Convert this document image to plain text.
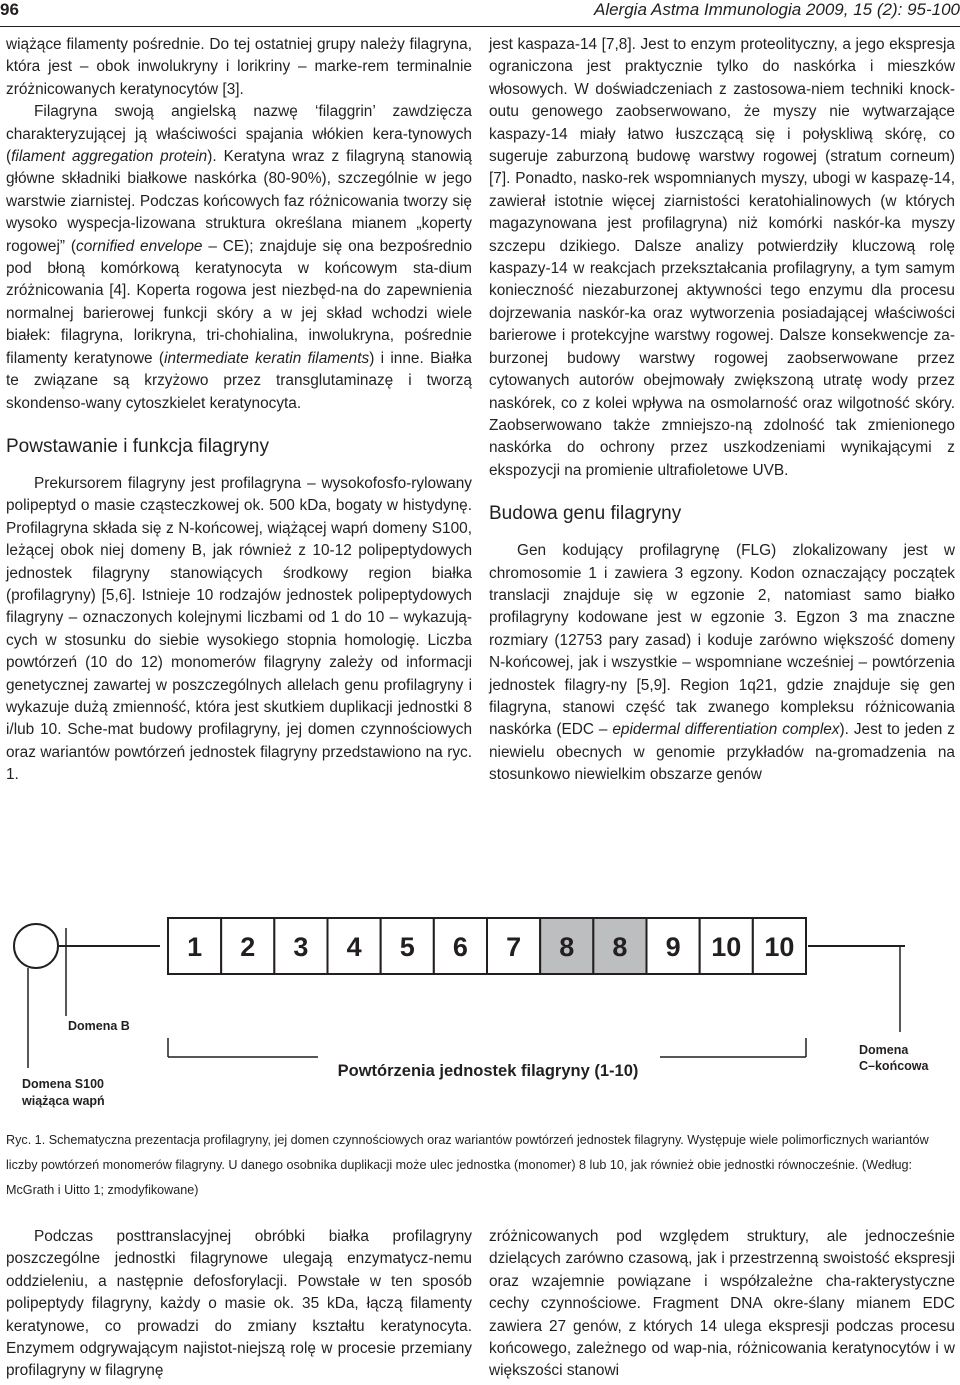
96	Alergia Astma Immunologia 2009, 15 (2): 95-100

wiążące filamenty pośrednie. Do tej ostatniej grupy należy filagryna, która jest – obok inwolukryny i lorikriny – marke-rem terminalnie zróżnicowanych keratynocytów [3].

Filagryna swoją angielską nazwę ‘filaggrin’ zawdzięcza charakteryzującej ją właściwości spajania włókien kera-tynowych (filament aggregation protein). Keratyna wraz z filagryną stanowią główne składniki białkowe naskórka (80-90%), szczególnie w jego warstwie ziarnistej. Podczas końcowych faz różnicowania tworzy się wysoko wyspecja-lizowana struktura określana mianem „koperty rogowej” (cornified envelope – CE); znajduje się ona bezpośrednio pod błoną komórkową keratynocyta w końcowym sta-dium zróżnicowania [4]. Koperta rogowa jest niezbęd-na do zapewnienia normalnej barierowej funkcji skóry a w jej skład wchodzi wiele białek: filagryna, lorikryna, tri-chohialina, inwolukryna, pośrednie filamenty keratynowe (intermediate keratin filaments) i inne. Białka te związane są krzyżowo przez transglutaminazę i tworzą skondenso-wany cytoszkielet keratynocyta.

Powstawanie i funkcja filagryny

Prekursorem filagryny jest profilagryna – wysokofosfo-rylowany polipeptyd o masie cząsteczkowej ok. 500 kDa, bogaty w histydynę. Profilagryna składa się z N-końcowej, wiążącej wapń domeny S100, leżącej obok niej domeny B, jak również z 10-12 polipeptydowych jednostek filagryny stanowiących środkowy region białka (profilagryny) [5,6]. Istnieje 10 rodzajów jednostek polipeptydowych filagryny – oznaczonych kolejnymi liczbami od 1 do 10 – wykazują-cych w stosunku do siebie wysokiego stopnia homologię. Liczba powtórzeń (10 do 12) monomerów filagryny zależy od informacji genetycznej zawartej w poszczególnych allelach genu profilagryny i wykazuje dużą zmienność, która jest skutkiem duplikacji jednostki 8 i/lub 10. Sche-mat budowy profilagryny, jej domen czynnościowych oraz wariantów powtórzeń jednostek filagryny przedstawiono na ryc. 1.

jest kaspaza-14 [7,8]. Jest to enzym proteolityczny, a jego ekspresja ograniczona jest praktycznie tylko do naskórka i mieszków włosowych. W doświadczeniach z zastosowa-niem techniki knock-outu genowego zaobserwowano, że myszy nie wytwarzające kaspazy-14 miały łatwo łuszczącą się i połyskliwą skórę, co sugeruje zaburzoną budowę warstwy rogowej (stratum corneum) [7]. Ponadto, nasko-rek wspomnianych myszy, ubogi w kaspazę-14, zawierał istotnie więcej ziarnistości keratohialinowych (w których magazynowana jest profilagryna) niż komórki naskór-ka myszy szczepu dzikiego. Dalsze analizy potwierdziły kluczową rolę kaspazy-14 w reakcjach przekształcania profilagryny, a tym samym konieczność niezaburzonej aktywności tego enzymu dla procesu dojrzewania naskór-ka oraz wytworzenia posiadającej właściwości barierowe i protekcyjne warstwy rogowej. Dalsze konsekwencje za-burzonej budowy warstwy rogowej zaobserwowane przez cytowanych autorów obejmowały zwiększoną utratę wody przez naskórek, co z kolei wpływa na osmolarność oraz wilgotność skóry. Zaobserwowano także zmniejszo-ną zdolność tak zmienionego naskórka do ochrony przez uszkodzeniami wynikającymi z ekspozycji na promienie ultrafioletowe UVB.

Budowa genu filagryny

Gen kodujący profilagrynę (FLG) zlokalizowany jest w chromosomie 1 i zawiera 3 egzony. Kodon oznaczający początek translacji znajduje się w egzonie 2, natomiast samo białko profilagryny kodowane jest w egzonie 3. Egzon 3 ma znaczne rozmiary (12753 pary zasad) i koduje zarówno większość domeny N-końcowej, jak i wszystkie – wspomniane wcześniej – powtórzenia jednostek filagry-ny [5,9]. Region 1q21, gdzie znajduje się gen filagryna, stanowi część tak zwanego kompleksu różnicowania naskórka (EDC – epidermal differentiation complex). Jest to jeden z niewielu obecnych w genomie przykładów na-gromadzenia na stosunkowo niewielkim obszarze genów

1 2 3 4 5 6 7 8 8 9 10 10
Domena B
Domena S100
wiążąca wapń
Powtórzenia jednostek filagryny (1-10)
Domena
C–końcowa
Ryc. 1. Schematyczna prezentacja profilagryny, jej domen czynnościowych oraz wariantów powtórzeń jednostek filagryny. Występuje wiele polimorficznych wariantów liczby powtórzeń monomerów filagryny. U danego osobnika duplikacji może ulec jednostka (monomer) 8 lub 10, jak również obie jednostki równocześnie. (Według: McGrath i Uitto 1; zmodyfikowane)

Podczas posttranslacyjnej obróbki białka profilagryny poszczególne jednostki filagrynowe ulegają enzymatycz-nemu oddzieleniu, a następnie defosforylacji. Powstałe w ten sposób polipeptydy filagryny, każdy o masie ok. 35 kDa, łączą filamenty keratynowe, co prowadzi do zmiany kształtu keratynocyta. Enzymem odgrywającym najistot-niejszą rolę w procesie przemiany profilagryny w filagrynę

zróżnicowanych pod względem struktury, ale jednocześnie dzielących zarówno czasową, jak i przestrzenną swoistość ekspresji oraz wzajemnie powiązane i współzależne cha-rakterystyczne cechy czynnościowe. Fragment DNA okre-ślany mianem EDC zawiera 27 genów, z których 14 ulega ekspresji podczas procesu końcowego, zależnego od wap-nia, różnicowania keratynocytów i w większości stanowi
